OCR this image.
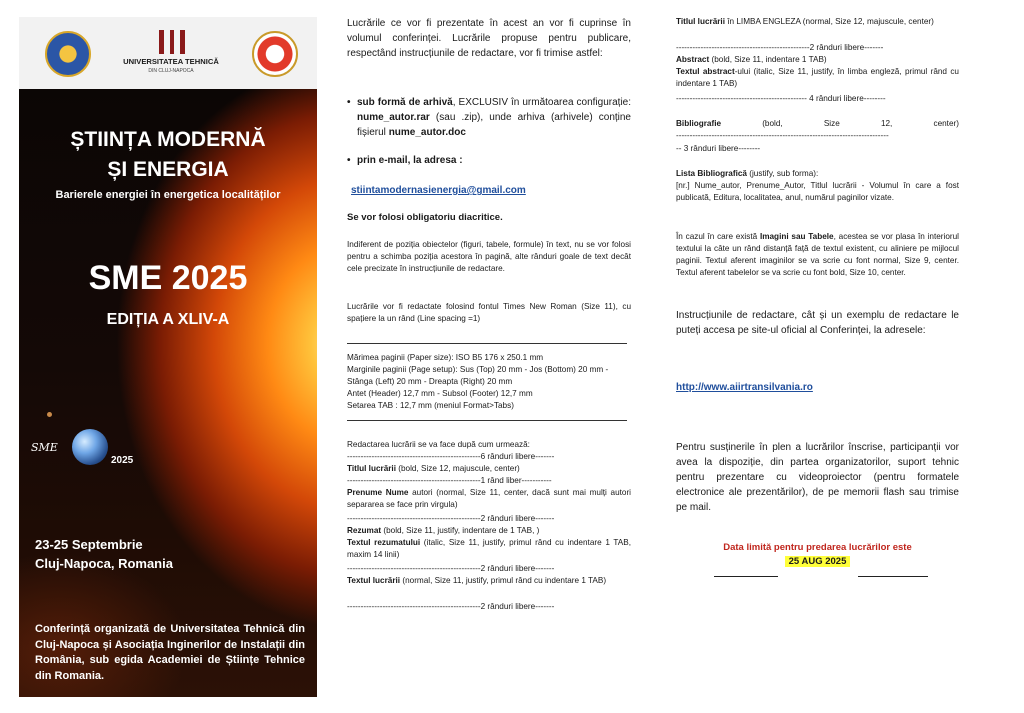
UNIVERSITATEA TEHNICĂ
DIN CLUJ-NAPOCA
ȘTIINȚA MODERNĂ
ȘI ENERGIA
Barierele energiei în energetica localităților
SME 2025
EDIȚIA A XLIV-A
SME
2025
23-25 Septembrie
Cluj-Napoca, Romania
Conferință organizată de Universitatea Tehnică din Cluj-Napoca și Asociația Inginerilor de Instalații din România, sub egida Academiei de Științe Tehnice din Romania.
Lucrările ce vor fi prezentate în acest an vor fi cuprinse în volumul conferinței. Lucrările propuse pentru publicare, respectând instrucțiunile de redactare, vor fi trimise astfel:
• sub formă de arhivă, EXCLUSIV în următoarea configurație: nume_autor.rar (sau .zip), unde arhiva (arhivele) conține fișierul nume_autor.doc
• prin e-mail, la adresa :
stiintamodernasienergia@gmail.com
Se vor folosi obligatoriu diacritice.
Indiferent de poziția obiectelor (figuri, tabele, formule) în text, nu se vor folosi pentru a schimba poziția acestora în pagină, alte rânduri goale de text decât cele precizate în instrucțiunile de redactare.
Lucrările vor fi redactate folosind fontul Times New Roman (Size 11), cu spațiere la un rând (Line spacing =1)
Mărimea paginii (Paper size): ISO B5 176 x 250.1 mm
Marginile paginii (Page setup): Sus (Top) 20 mm - Jos (Bottom) 20 mm - Stânga (Left) 20 mm - Dreapta (Right) 20 mm
Antet (Header) 12,7 mm - Subsol (Footer) 12,7 mm
Setarea TAB : 12,7 mm (meniul Format>Tabs)
Redactarea lucrării se va face după cum urmează:
-------------------------------------------------6 rânduri libere-------
Titlul lucrării (bold, Size 12, majuscule, center)
-------------------------------------------------1 rând liber-----------
Prenume Nume autori (normal, Size 11, center, dacă sunt mai mulți autori separarea se face prin virgula)
-------------------------------------------------2 rânduri libere-------
Rezumat (bold, Size 11, justify, indentare de 1 TAB, )
Textul rezumatului (italic, Size 11, justify, primul rând cu indentare 1 TAB, maxim 14 linii)
-------------------------------------------------2 rânduri libere-------
Textul lucrării (normal, Size 11, justify, primul rând cu indentare 1 TAB)
-------------------------------------------------2 rânduri libere-------
Titlul lucrării în LIMBA ENGLEZA (normal, Size 12, majuscule, center)
-------------------------------------------------2 rânduri libere-------
Abstract (bold, Size 11, indentare 1 TAB)
Textul abstract-ului (italic, Size 11, justify, în limba engleză, primul rând cu indentare 1 TAB)
------------------------------------------------ 4 rânduri libere--------
Bibliografie	(bold,	Size	12,	center)
------------------------------------------------------------------------------
-- 3 rânduri libere--------
Lista Bibliografică (justify, sub forma):
[nr.] Nume_autor, Prenume_Autor, Titlul lucrării - Volumul în care a fost publicată, Editura, localitatea, anul, numărul paginilor vizate.
În cazul în care există Imagini sau Tabele, acestea se vor plasa în interiorul textului la câte un rând distanță față de textul existent, cu aliniere pe mijlocul paginii. Textul aferent imaginilor se va scrie cu font normal, Size 9, center. Textul aferent tabelelor se va scrie cu font bold, Size 10, center.
Instrucțiunile de redactare, cât și un exemplu de redactare le puteți accesa pe site-ul oficial al Conferinței, la adresele:
http://www.aiirtransilvania.ro
Pentru susținerile în plen a lucrărilor înscrise, participanții vor avea la dispoziție, din partea organizatorilor, suport tehnic pentru prezentare cu videoproiector (pentru formatele electronice ale prezentărilor), de pe memorii flash sau trimise pe mail.
Data limită pentru predarea lucrărilor este
25 AUG 2025
